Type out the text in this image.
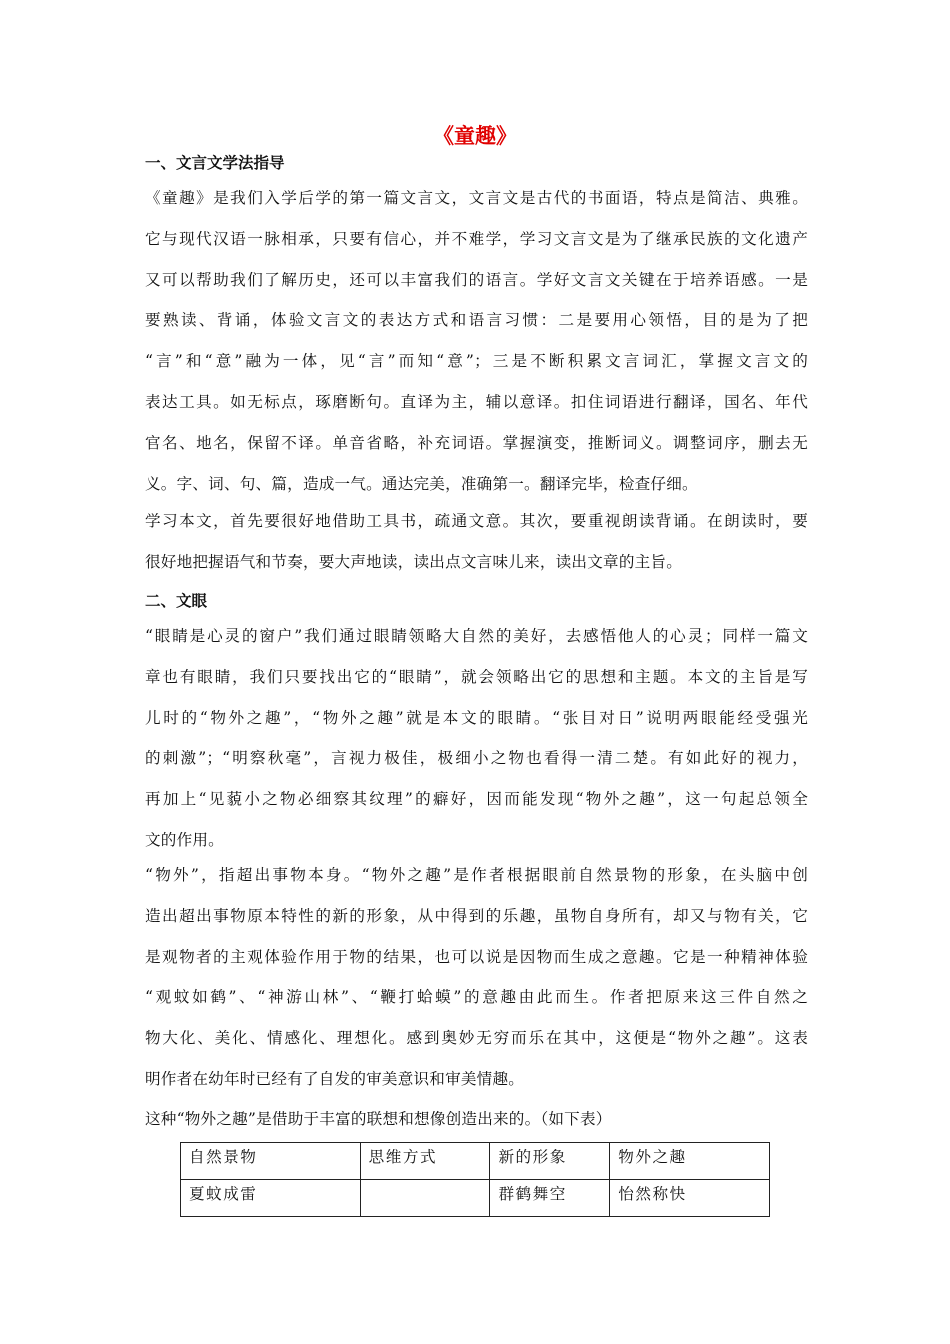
《童趣》
一、文言文学法指导
《童趣》是我们入学后学的第一篇文言文，文言文是古代的书面语，特点是简洁、典雅。
它与现代汉语一脉相承，只要有信心，并不难学，学习文言文是为了继承民族的文化遗产
又可以帮助我们了解历史，还可以丰富我们的语言。学好文言文关键在于培养语感。一是
要熟读、背诵，体验文言文的表达方式和语言习惯：二是要用心领悟，目的是为了把
“言”和“意”融为一体，见“言”而知“意”；三是不断积累文言词汇，掌握文言文的
表达工具。如无标点，琢磨断句。直译为主，辅以意译。扣住词语进行翻译，国名、年代
官名、地名，保留不译。单音省略，补充词语。掌握演变，推断词义。调整词序，删去无
义。字、词、句、篇，造成一气。通达完美，准确第一。翻译完毕，检查仔细。
学习本文，首先要很好地借助工具书，疏通文意。其次，要重视朗读背诵。在朗读时，要
很好地把握语气和节奏，要大声地读，读出点文言味儿来，读出文章的主旨。
二、文眼
“眼睛是心灵的窗户”我们通过眼睛领略大自然的美好，去感悟他人的心灵；同样一篇文
章也有眼睛，我们只要找出它的“眼睛”，就会领略出它的思想和主题。本文的主旨是写
儿时的“物外之趣”，“物外之趣”就是本文的眼睛。“张目对日”说明两眼能经受强光
的刺激”；“明察秋毫”，言视力极佳，极细小之物也看得一清二楚。有如此好的视力，
再加上“见藐小之物必细察其纹理”的癖好，因而能发现“物外之趣”，这一句起总领全
文的作用。
“物外”，指超出事物本身。“物外之趣”是作者根据眼前自然景物的形象，在头脑中创
造出超出事物原本特性的新的形象，从中得到的乐趣，虽物自身所有，却又与物有关，它
是观物者的主观体验作用于物的结果，也可以说是因物而生成之意趣。它是一种精神体验
“观蚊如鹤”、“神游山林”、“鞭打蛤蟆”的意趣由此而生。作者把原来这三件自然之
物大化、美化、情感化、理想化。感到奥妙无穷而乐在其中，这便是“物外之趣”。这表
明作者在幼年时已经有了自发的审美意识和审美情趣。
这种“物外之趣”是借助于丰富的联想和想像创造出来的。（如下表）
自然景物	思维方式	新的形象	物外之趣
夏蚊成雷		群鹤舞空	怡然称快
